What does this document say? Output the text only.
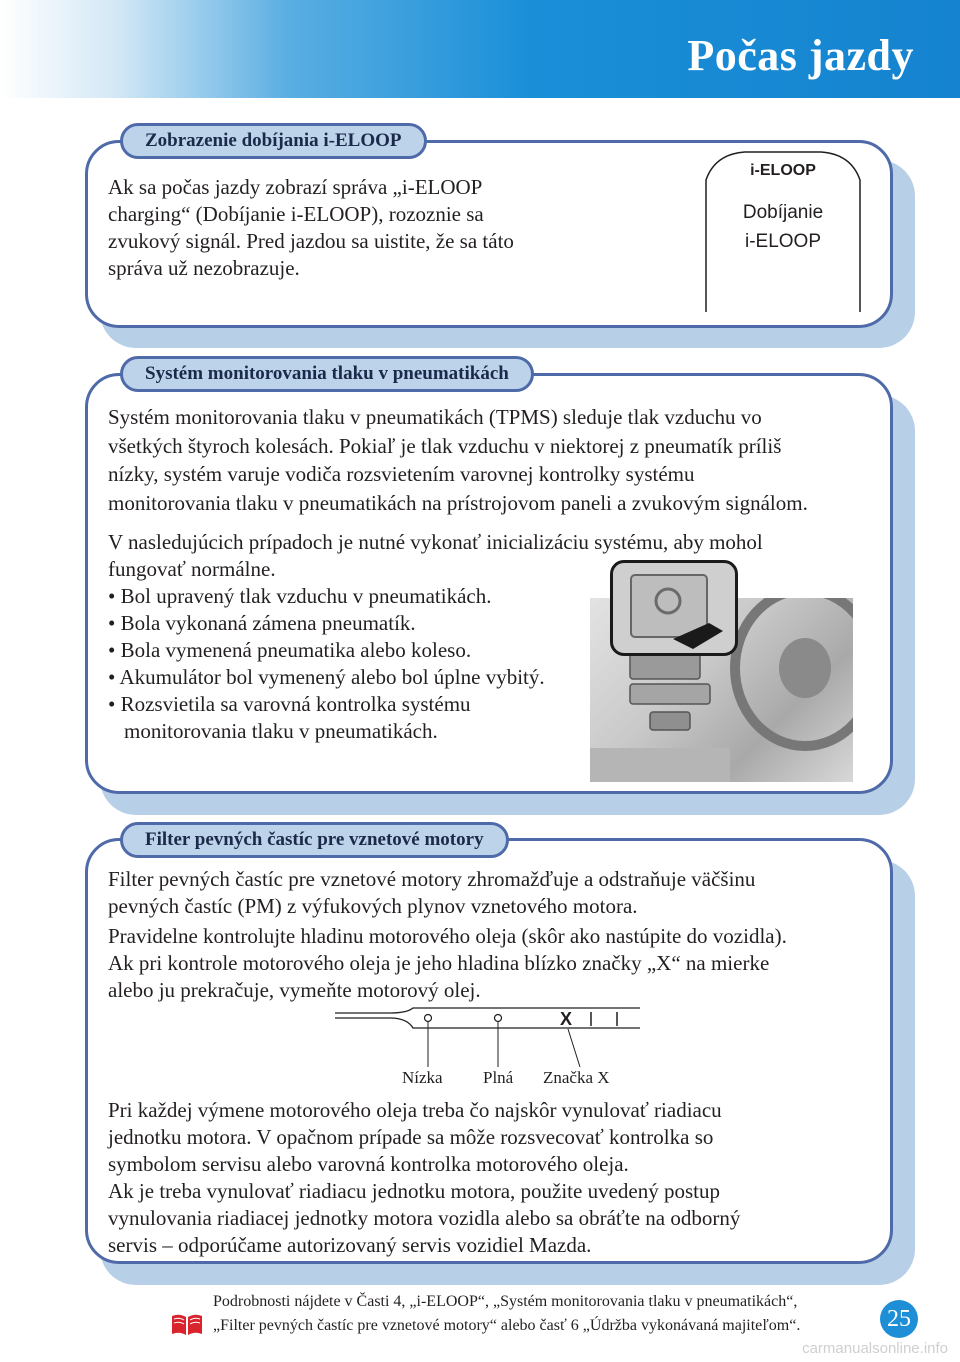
Počas jazdy
Zobrazenie dobíjania i-ELOOP
Ak sa počas jazdy zobrazí správa „i-ELOOP
charging“ (Dobíjanie i-ELOOP), rozoznie sa
zvukový signál. Pred jazdou sa uistite, že sa táto
správa už nezobrazuje.
i-ELOOP
Dobíjanie
i-ELOOP
Systém monitorovania tlaku v pneumatikách
Systém monitorovania tlaku v pneumatikách (TPMS) sleduje tlak vzduchu vo
všetkých štyroch kolesách. Pokiaľ je tlak vzduchu v niektorej z pneumatík príliš
nízky, systém varuje vodiča rozsvietením varovnej kontrolky systému
monitorovania tlaku v pneumatikách na prístrojovom paneli a zvukovým signálom.
V nasledujúcich prípadoch je nutné vykonať inicializáciu systému, aby mohol
fungovať normálne.
• Bol upravený tlak vzduchu v pneumatikách.
• Bola vykonaná zámena pneumatík.
• Bola vymenená pneumatika alebo koleso.
• Akumulátor bol vymenený alebo bol úplne vybitý.
• Rozsvietila sa varovná kontrolka systému
monitorovania tlaku v pneumatikách.
Filter pevných častíc pre vznetové motory
Filter pevných častíc pre vznetové motory zhromažďuje a odstraňuje väčšinu
pevných častíc (PM) z výfukových plynov vznetového motora.
Pravidelne kontrolujte hladinu motorového oleja (skôr ako nastúpite do vozidla).
Ak pri kontrole motorového oleja je jeho hladina blízko značky „X“ na mierke
alebo ju prekračuje, vymeňte motorový olej.
X
Nízka Plná Značka X
Pri každej výmene motorového oleja treba čo najskôr vynulovať riadiacu
jednotku motora. V opačnom prípade sa môže rozsvecovať kontrolka so
symbolom servisu alebo varovná kontrolka motorového oleja.
Ak je treba vynulovať riadiacu jednotku motora, použite uvedený postup
vynulovania riadiacej jednotky motora vozidla alebo sa obráťte na odborný
servis – odporúčame autorizovaný servis vozidiel Mazda.
Podrobnosti nájdete v Časti 4, „i-ELOOP“, „Systém monitorovania tlaku v pneumatikách“,
„Filter pevných častíc pre vznetové motory“ alebo časť 6 „Údržba vykonávaná majiteľom“.	25
carmanualsonline.info
